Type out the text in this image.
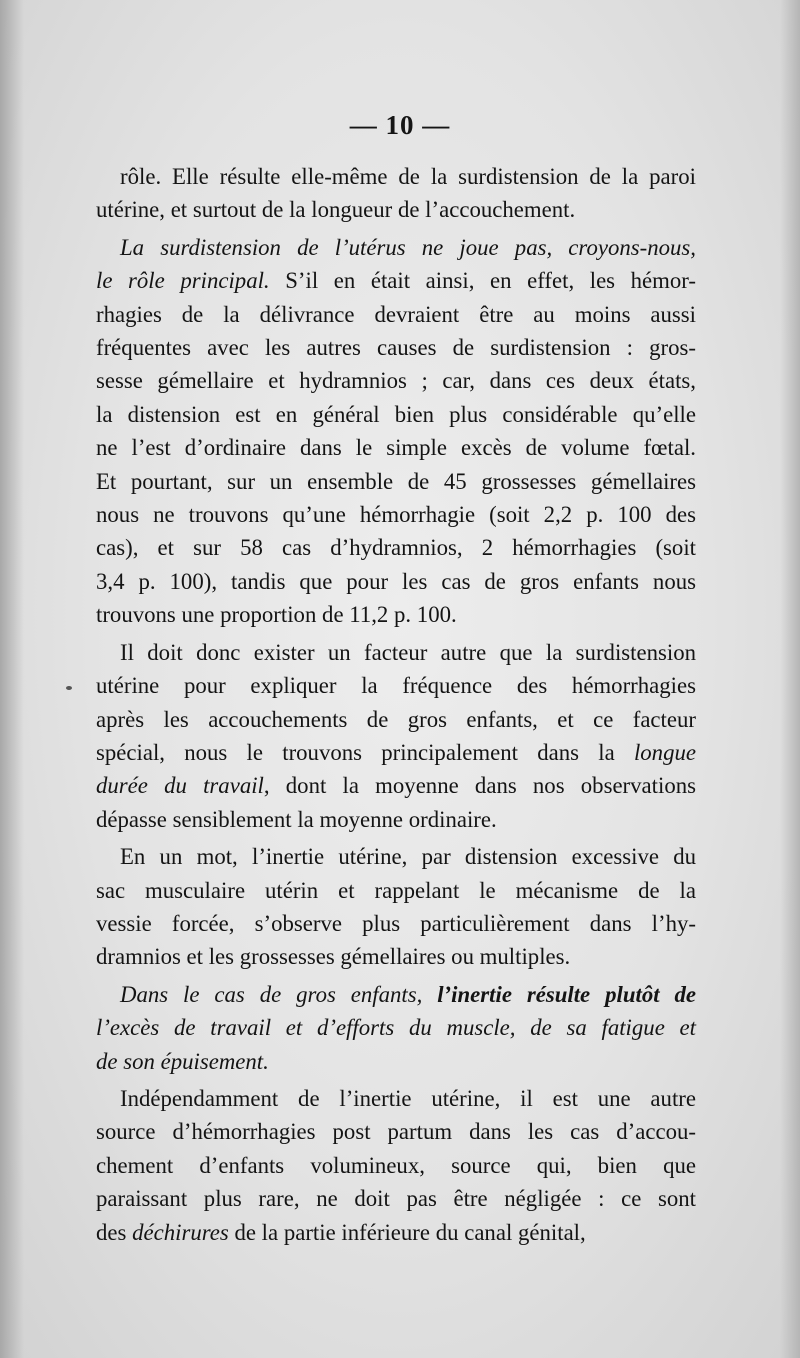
— 10 —
rôle. Elle résulte elle-même de la surdistension de la paroi
utérine, et surtout de la longueur de l’accouchement.
La surdistension de l’utérus ne joue pas, croyons-nous,
le rôle principal. S’il en était ainsi, en effet, les hémor-
rhagies de la délivrance devraient être au moins aussi
fréquentes avec les autres causes de surdistension : gros-
sesse gémellaire et hydramnios ; car, dans ces deux états,
la distension est en général bien plus considérable qu’elle
ne l’est d’ordinaire dans le simple excès de volume fœtal.
Et pourtant, sur un ensemble de 45 grossesses gémellaires
nous ne trouvons qu’une hémorrhagie (soit 2,2 p. 100 des
cas), et sur 58 cas d’hydramnios, 2 hémorrhagies (soit
3,4 p. 100), tandis que pour les cas de gros enfants nous
trouvons une proportion de 11,2 p. 100.
Il doit donc exister un facteur autre que la surdistension
utérine pour expliquer la fréquence des hémorrhagies
après les accouchements de gros enfants, et ce facteur
spécial, nous le trouvons principalement dans la longue
durée du travail, dont la moyenne dans nos observations
dépasse sensiblement la moyenne ordinaire.
En un mot, l’inertie utérine, par distension excessive du
sac musculaire utérin et rappelant le mécanisme de la
vessie forcée, s’observe plus particulièrement dans l’hy-
dramnios et les grossesses gémellaires ou multiples.
Dans le cas de gros enfants, l’inertie résulte plutôt de
l’excès de travail et d’efforts du muscle, de sa fatigue et
de son épuisement.
Indépendamment de l’inertie utérine, il est une autre
source d’hémorrhagies post partum dans les cas d’accou-
chement d’enfants volumineux, source qui, bien que
paraissant plus rare, ne doit pas être négligée : ce sont
des déchirures de la partie inférieure du canal génital,
